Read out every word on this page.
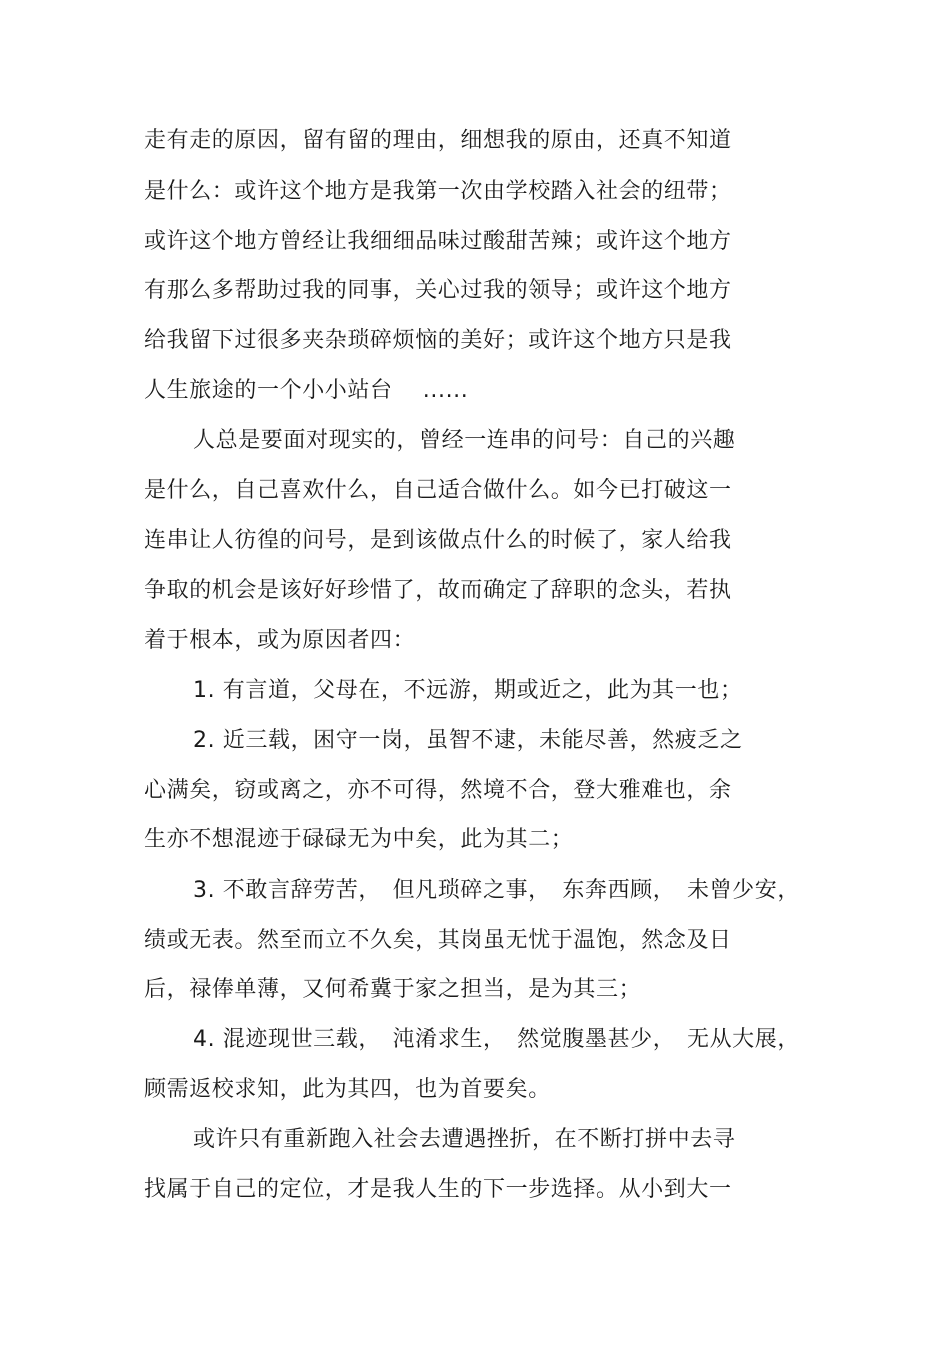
走有走的原因，留有留的理由，细想我的原由，还真不知道
是什么：或许这个地方是我第一次由学校踏入社会的纽带；
或许这个地方曾经让我细细品味过酸甜苦辣；或许这个地方
有那么多帮助过我的同事，关心过我的领导；或许这个地方
给我留下过很多夹杂琐碎烦恼的美好；或许这个地方只是我
人生旅途的一个小小站台　 ......
人总是要面对现实的，曾经一连串的问号：自己的兴趣
是什么，自己喜欢什么，自己适合做什么。如今已打破这一
连串让人彷徨的问号，是到该做点什么的时候了，家人给我
争取的机会是该好好珍惜了，故而确定了辞职的念头，若执
着于根本，或为原因者四：
1. 有言道，父母在，不远游，期或近之，此为其一也；
2. 近三载，困守一岗，虽智不逮，未能尽善，然疲乏之
心满矣，窃或离之，亦不可得，然境不合，登大雅难也，余
生亦不想混迹于碌碌无为中矣，此为其二；
3. 不敢言辞劳苦，　但凡琐碎之事，　东奔西顾，　未曾少安，
绩或无表。然至而立不久矣，其岗虽无忧于温饱，然念及日
后，禄俸单薄，又何希冀于家之担当，是为其三；
4. 混迹现世三载，　沌淆求生，　然觉腹墨甚少，　无从大展，
顾需返校求知，此为其四，也为首要矣。
或许只有重新跑入社会去遭遇挫折，在不断打拼中去寻
找属于自己的定位，才是我人生的下一步选择。从小到大一
